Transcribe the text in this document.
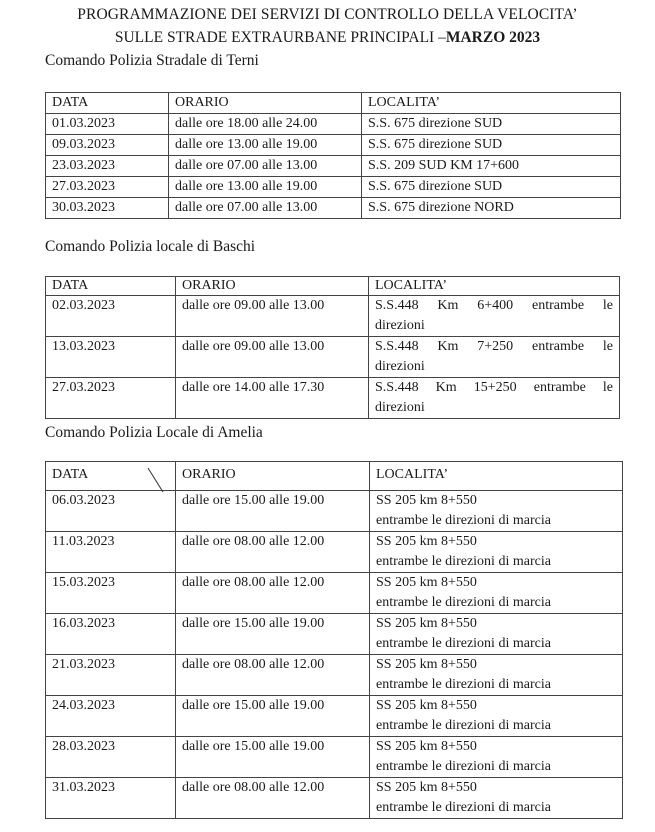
PROGRAMMAZIONE DEI SERVIZI DI CONTROLLO DELLA VELOCITA’
SULLE STRADE EXTRAURBANE PRINCIPALI –MARZO 2023
Comando Polizia Stradale di Terni
DATA	ORARIO	LOCALITA’
01.03.2023	dalle ore 18.00 alle 24.00	S.S. 675 direzione SUD
09.03.2023	dalle ore 13.00 alle 19.00	S.S. 675 direzione SUD
23.03.2023	dalle ore 07.00 alle 13.00	S.S. 209 SUD KM 17+600
27.03.2023	dalle ore 13.00 alle 19.00	S.S. 675 direzione SUD
30.03.2023	dalle ore 07.00 alle 13.00	S.S. 675 direzione NORD
Comando Polizia locale di Baschi
DATA	ORARIO	LOCALITA’
02.03.2023	dalle ore 09.00 alle 13.00	S.S.448 Km 6+400 entrambe le
direzioni

13.03.2023	dalle ore 09.00 alle 13.00	S.S.448 Km 7+250 entrambe le
direzioni

27.03.2023	dalle ore 14.00 alle 17.30	S.S.448 Km 15+250 entrambe le
direzioni
Comando Polizia Locale di Amelia
DATA	ORARIO	LOCALITA’
06.03.2023	dalle ore 15.00 alle 19.00	SS 205 km 8+550
entrambe le direzioni di marcia

11.03.2023	dalle ore 08.00 alle 12.00	SS 205 km 8+550
entrambe le direzioni di marcia

15.03.2023	dalle ore 08.00 alle 12.00	SS 205 km 8+550
entrambe le direzioni di marcia

16.03.2023	dalle ore 15.00 alle 19.00	SS 205 km 8+550
entrambe le direzioni di marcia

21.03.2023	dalle ore 08.00 alle 12.00	SS 205 km 8+550
entrambe le direzioni di marcia

24.03.2023	dalle ore 15.00 alle 19.00	SS 205 km 8+550
entrambe le direzioni di marcia

28.03.2023	dalle ore 15.00 alle 19.00	SS 205 km 8+550
entrambe le direzioni di marcia

31.03.2023	dalle ore 08.00 alle 12.00	SS 205 km 8+550
entrambe le direzioni di marcia
